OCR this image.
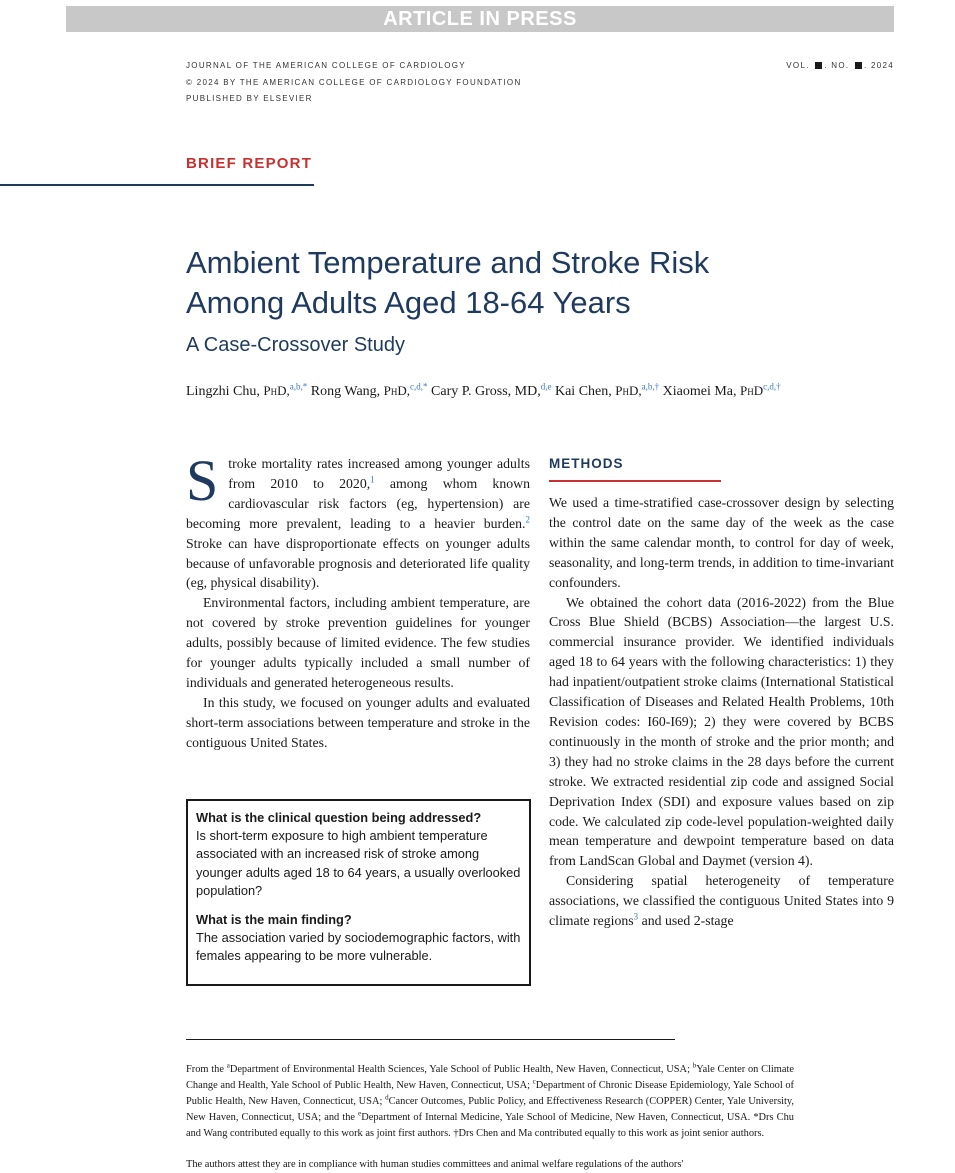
ARTICLE IN PRESS
JOURNAL OF THE AMERICAN COLLEGE OF CARDIOLOGY
© 2024 BY THE AMERICAN COLLEGE OF CARDIOLOGY FOUNDATION
PUBLISHED BY ELSEVIER
VOL. . NO. . 2024
BRIEF REPORT
Ambient Temperature and Stroke Risk
Among Adults Aged 18-64 Years
A Case-Crossover Study
Lingzhi Chu, PhD,$^{a,b,*}$ Rong Wang, PhD,$^{c,d,*}$ Cary P. Gross, MD,$^{d,e}$ Kai Chen, PhD,$^{a,b,\dagger}$ Xiaomei Ma, PhD$^{c,d,\dagger}$

Stroke mortality rates increased among younger adults from 2010 to 2020,$^1$ among whom known cardiovascular risk factors (eg, hypertension) are becoming more prevalent, leading to a heavier burden.$^2$ Stroke can have disproportionate effects on younger adults because of unfavorable prognosis and deteriorated life quality (eg, physical disability).

Environmental factors, including ambient temperature, are not covered by stroke prevention guidelines for younger adults, possibly because of limited evidence. The few studies for younger adults typically included a small number of individuals and generated heterogeneous results.

In this study, we focused on younger adults and evaluated short-term associations between temperature and stroke in the contiguous United States.

What is the clinical question being addressed?

Is short-term exposure to high ambient temperature associated with an increased risk of stroke among younger adults aged 18 to 64 years, a usually overlooked population?

What is the main finding?

The association varied by sociodemographic factors, with females appearing to be more vulnerable.

METHODS

We used a time-stratified case-crossover design by selecting the control date on the same day of the week as the case within the same calendar month, to control for day of week, seasonality, and long-term trends, in addition to time-invariant confounders.

We obtained the cohort data (2016-2022) from the Blue Cross Blue Shield (BCBS) Association—the largest U.S. commercial insurance provider. We identified individuals aged 18 to 64 years with the following characteristics: 1) they had inpatient/outpatient stroke claims (International Statistical Classification of Diseases and Related Health Problems, 10th Revision codes: I60-I69); 2) they were covered by BCBS continuously in the month of stroke and the prior month; and 3) they had no stroke claims in the 28 days before the current stroke. We extracted residential zip code and assigned Social Deprivation Index (SDI) and exposure values based on zip code. We calculated zip code-level population-weighted daily mean temperature and dewpoint temperature based on data from LandScan Global and Daymet (version 4).

Considering spatial heterogeneity of temperature associations, we classified the contiguous United States into 9 climate regions$^3$ and used 2-stage

From the $^a$Department of Environmental Health Sciences, Yale School of Public Health, New Haven, Connecticut, USA; $^b$Yale Center on Climate Change and Health, Yale School of Public Health, New Haven, Connecticut, USA; $^c$Department of Chronic Disease Epidemiology, Yale School of Public Health, New Haven, Connecticut, USA; $^d$Cancer Outcomes, Public Policy, and Effectiveness Research (COPPER) Center, Yale University, New Haven, Connecticut, USA; and the $^e$Department of Internal Medicine, Yale School of Medicine, New Haven, Connecticut, USA. *Drs Chu and Wang contributed equally to this work as joint first authors. †Drs Chen and Ma contributed equally to this work as joint senior authors.
The authors attest they are in compliance with human studies committees and animal welfare regulations of the authors'
